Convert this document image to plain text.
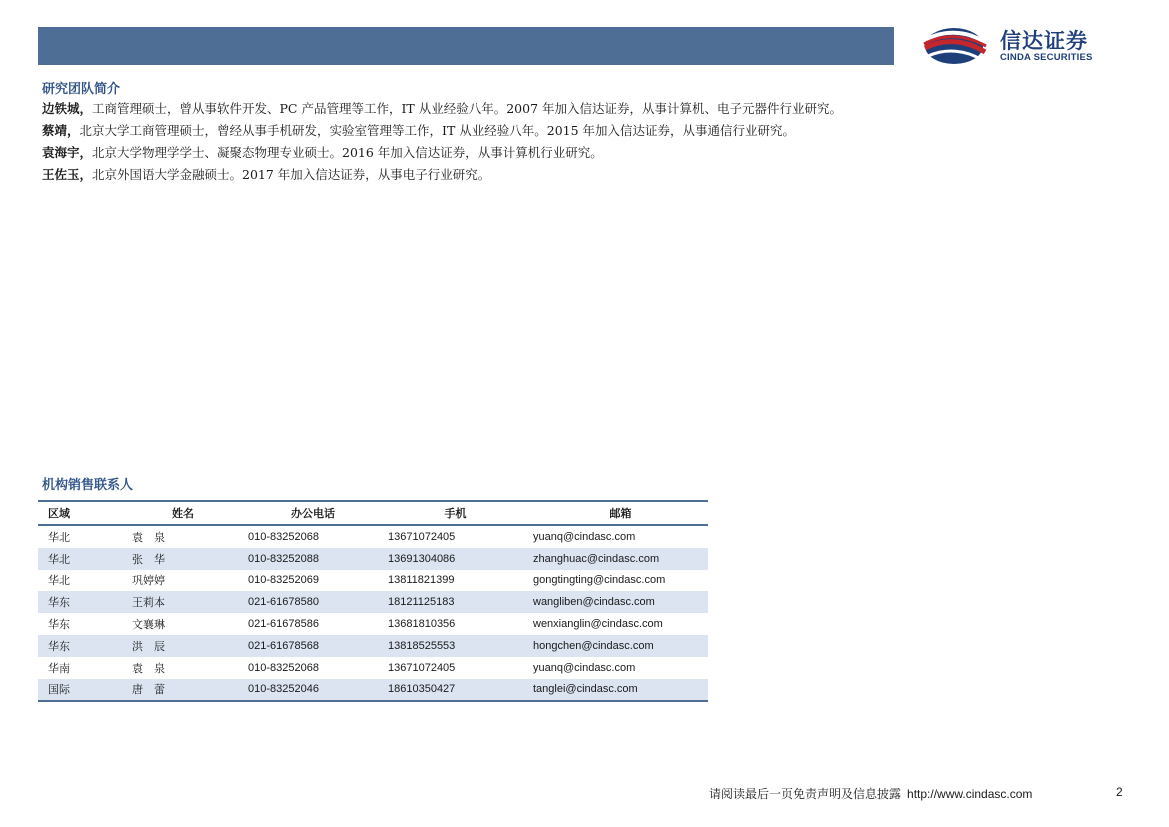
信达证券
CINDA SECURITIES
研究团队简介
边铁城，工商管理硕士，曾从事软件开发、PC 产品管理等工作，IT 从业经验八年。2007 年加入信达证券，从事计算机、电子元器件行业研究。
蔡靖，北京大学工商管理硕士，曾经从事手机研发，实验室管理等工作，IT 从业经验八年。2015 年加入信达证券，从事通信行业研究。
袁海宇，北京大学物理学学士、凝聚态物理专业硕士。2016 年加入信达证券，从事计算机行业研究。
王佐玉，北京外国语大学金融硕士。2017 年加入信达证券，从事电子行业研究。
机构销售联系人
区域	姓名	办公电话	手机	邮箱
华北	袁　泉	010-83252068	13671072405	yuanq@cindasc.com
华北	张　华	010-83252088	13691304086	zhanghuac@cindasc.com
华北	巩婷婷	010-83252069	13811821399	gongtingting@cindasc.com
华东	王莉本	021-61678580	18121125183	wangliben@cindasc.com
华东	文襄琳	021-61678586	13681810356	wenxianglin@cindasc.com
华东	洪　辰	021-61678568	13818525553	hongchen@cindasc.com
华南	袁　泉	010-83252068	13671072405	yuanq@cindasc.com
国际	唐　蕾	010-83252046	18610350427	tanglei@cindasc.com
请阅读最后一页免责声明及信息披露 http://www.cindasc.com	2
